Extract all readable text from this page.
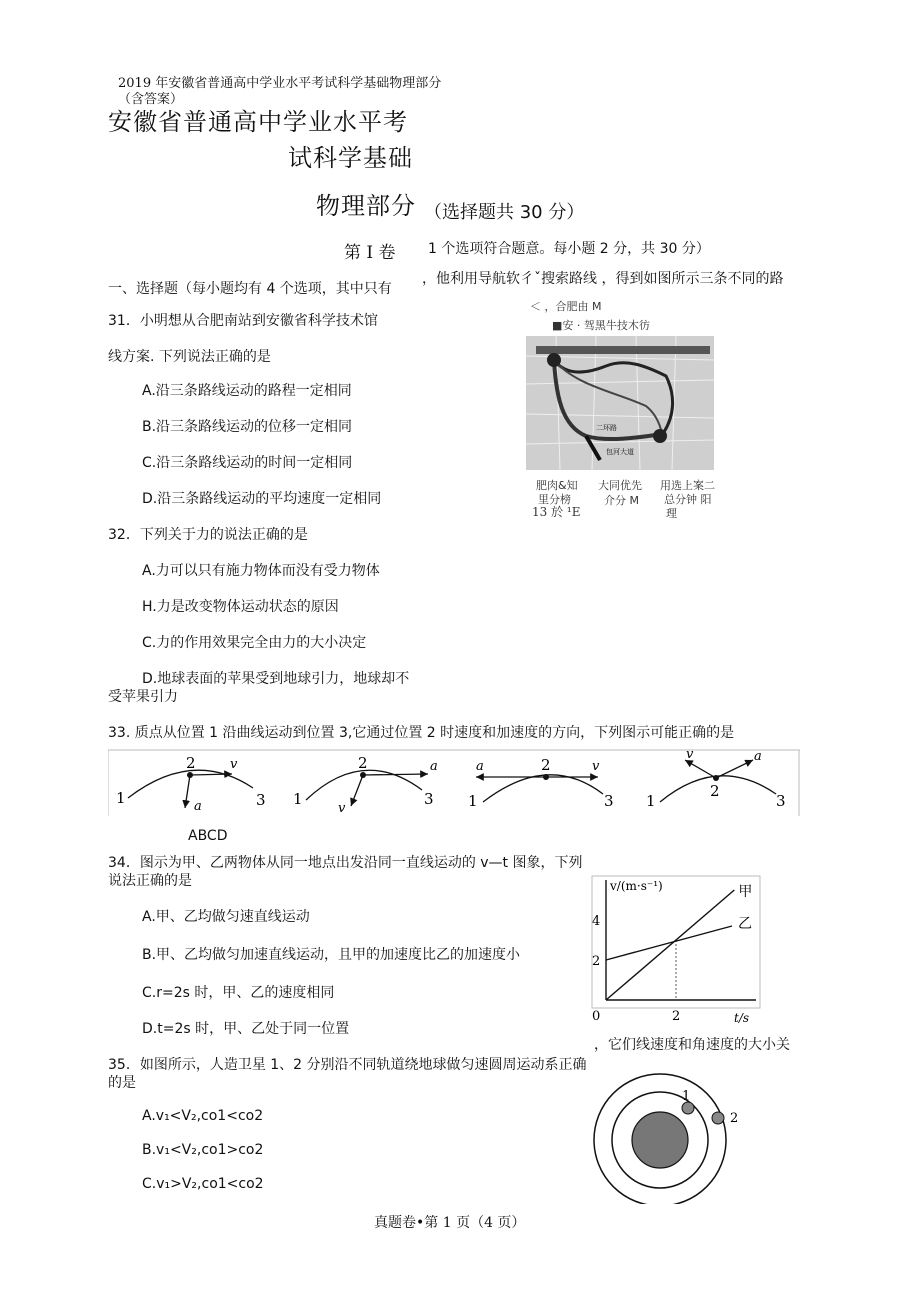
2019 年安徽省普通高中学业水平考试科学基础物理部分
（含答案）
安徽省普通高中学业水平考
试科学基础
物理部分 （选择题共 30 分）
第 I 卷 1 个选项符合题意。每小题 2 分，共 30 分）
一、选择题（每小题均有 4 个选项，其中只有
，他利用导航软彳ˇ搜索路线 ，得到如图所示三条不同的路
31．小明想从合肥南站到安徽省科学技术馆
线方案. 下列说法正确的是
A.沿三条路线运动的路程一定相同
B.沿三条路线运动的位移一定相同
C.沿三条路线运动的时间一定相同
D.沿三条路线运动的平均速度一定相同
＜ ，合肥由 M
■安 · 驾黑牛技木彷
二环路
包河大道
肥肉&知
里分榜
13 於 ¹E
大同优先
介分 M
用选上案二
总分钟 阳
理
32．下列关于力的说法正确的是
A.力可以只有施力物体而没有受力物体
H.力是改变物体运动状态的原因
C.力的作用效果完全由力的大小决定
D.地球表面的苹果受到地球引力，地球却不
受苹果引力
33. 质点从位置 1 沿曲线运动到位置 3,它通过位置 2 时速度和加速度的方向，下列图示可能正确的是
1
2
3
v
a	1
2
3
a
v	1
2
3
v
a
1
2
3
v	a
ABCD
34．图示为甲、乙两物体从同一地点出发沿同一直线运动的 v—t 图象，下列
说法正确的是
A.甲、乙均做匀速直线运动
B.甲、乙均做匀加速直线运动，且甲的加速度比乙的加速度小
C.r=2s 时，甲、乙的速度相同
D.t=2s 时，甲、乙处于同一位置
v/(m·s⁻¹)
t/s
0	2
2
4
甲
乙
，它们线速度和角速度的大小关
35．如图所示，人造卫星 1、2 分别沿不同轨道绕地球做匀速圆周运动系正确
的是
A.v₁<V₂,co1<co2
B.v₁<V₂,co1>co2
C.v₁>V₂,co1<co2
1
2
真题卷•第 1 页（4 页）
